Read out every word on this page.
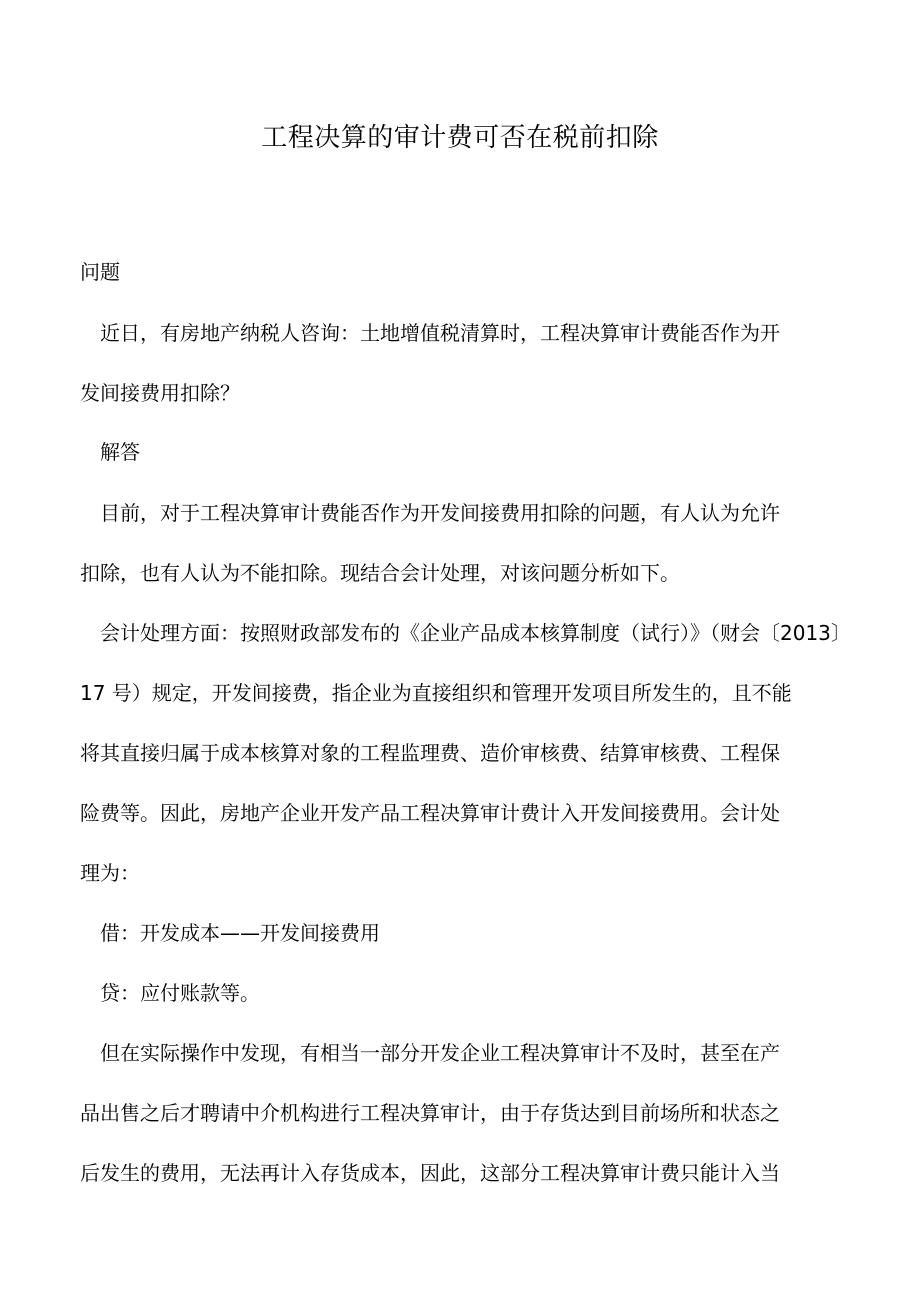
工程决算的审计费可否在税前扣除
问题
近日，有房地产纳税人咨询：土地增值税清算时，工程决算审计费能否作为开
发间接费用扣除？
解答
目前，对于工程决算审计费能否作为开发间接费用扣除的问题，有人认为允许
扣除，也有人认为不能扣除。现结合会计处理，对该问题分析如下。
会计处理方面：按照财政部发布的《企业产品成本核算制度（试行）》（财会〔2013〕
17 号）规定，开发间接费，指企业为直接组织和管理开发项目所发生的，且不能
将其直接归属于成本核算对象的工程监理费、造价审核费、结算审核费、工程保
险费等。因此，房地产企业开发产品工程决算审计费计入开发间接费用。会计处
理为：
借：开发成本——开发间接费用
贷：应付账款等。
但在实际操作中发现，有相当一部分开发企业工程决算审计不及时，甚至在产
品出售之后才聘请中介机构进行工程决算审计，由于存货达到目前场所和状态之
后发生的费用，无法再计入存货成本，因此，这部分工程决算审计费只能计入当
